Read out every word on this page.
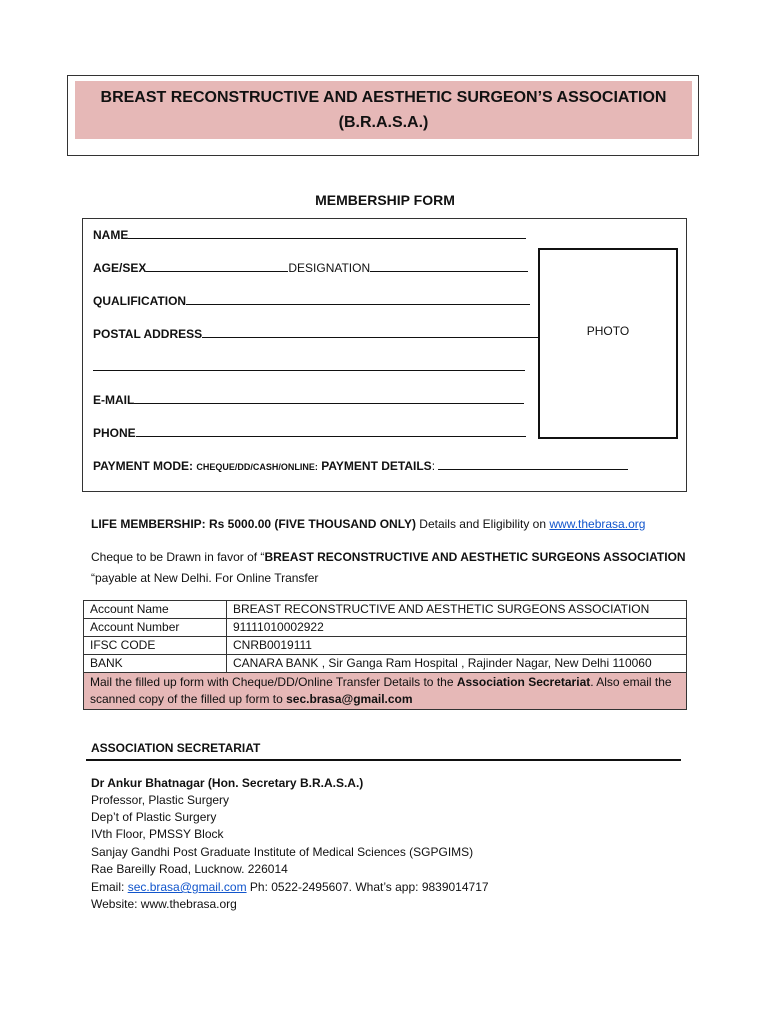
BREAST RECONSTRUCTIVE AND AESTHETIC SURGEON’S ASSOCIATION
(B.R.A.S.A.)
MEMBERSHIP FORM
NAME
AGE/SEX	DESIGNATION
QUALIFICATION
POSTAL ADDRESS
E-MAIL
PHONE
PAYMENT MODE: CHEQUE/DD/CASH/ONLINE: PAYMENT DETAILS:
PHOTO
LIFE MEMBERSHIP: Rs 5000.00 (FIVE THOUSAND ONLY) Details and Eligibility on www.thebrasa.org
Cheque to be Drawn in favor of “BREAST RECONSTRUCTIVE AND AESTHETIC SURGEONS ASSOCIATION
“payable at New Delhi. For Online Transfer
Account Name	BREAST RECONSTRUCTIVE AND AESTHETIC SURGEONS ASSOCIATION
Account Number	91111010002922
IFSC CODE	CNRB0019111
BANK	CANARA BANK , Sir Ganga Ram Hospital , Rajinder Nagar, New Delhi 110060
Mail the filled up form with Cheque/DD/Online Transfer Details to the Association Secretariat. Also email the scanned copy of the filled up form to sec.brasa@gmail.com	
ASSOCIATION SECRETARIAT
Dr Ankur Bhatnagar (Hon. Secretary B.R.A.S.A.)
Professor, Plastic Surgery
Dep’t of Plastic Surgery
IVth Floor, PMSSY Block
Sanjay Gandhi Post Graduate Institute of Medical Sciences (SGPGIMS)
Rae Bareilly Road, Lucknow. 226014
Email: sec.brasa@gmail.com Ph: 0522-2495607. What’s app: 9839014717
Website: www.thebrasa.org
